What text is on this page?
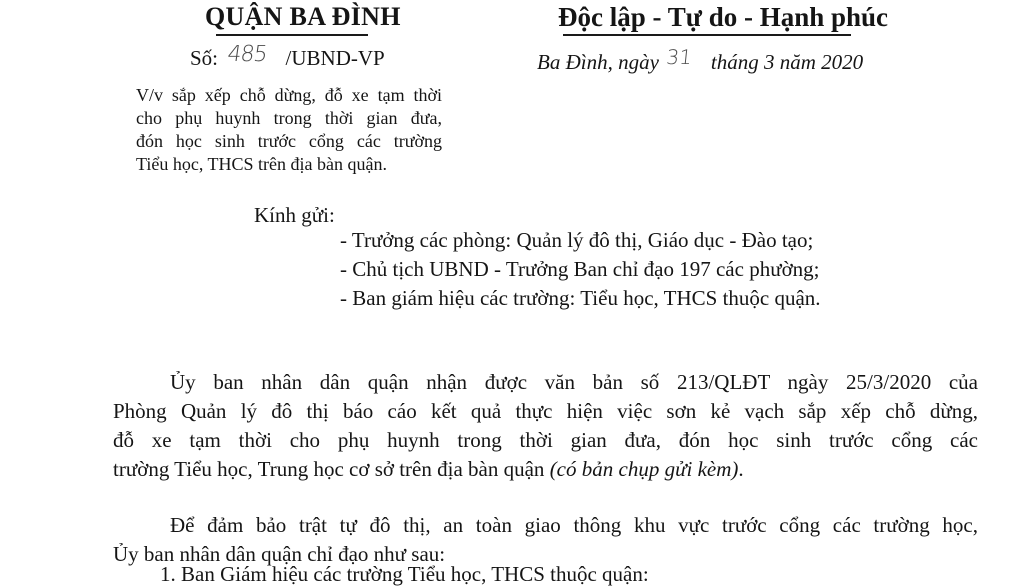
QUẬN BA ĐÌNH
Số: 485 /UBND-VP
V/v sắp xếp chỗ dừng, đỗ xe tạm thời
cho phụ huynh trong thời gian đưa,
đón học sinh trước cổng các trường
Tiểu học, THCS trên địa bàn quận.
Độc lập - Tự do - Hạnh phúc
Ba Đình, ngày 31 tháng 3 năm 2020
Kính gửi:
- Trưởng các phòng: Quản lý đô thị, Giáo dục - Đào tạo;
- Chủ tịch UBND - Trưởng Ban chỉ đạo 197 các phường;
- Ban giám hiệu các trường: Tiểu học, THCS thuộc quận.
Ủy ban nhân dân quận nhận được văn bản số 213/QLĐT ngày 25/3/2020 của
Phòng Quản lý đô thị báo cáo kết quả thực hiện việc sơn kẻ vạch sắp xếp chỗ dừng,
đỗ xe tạm thời cho phụ huynh trong thời gian đưa, đón học sinh trước cổng các
trường Tiểu học, Trung học cơ sở trên địa bàn quận (có bản chụp gửi kèm).
Để đảm bảo trật tự đô thị, an toàn giao thông khu vực trước cổng các trường học,
Ủy ban nhân dân quận chỉ đạo như sau:
1. Ban Giám hiệu các trường Tiểu học, THCS thuộc quận:
